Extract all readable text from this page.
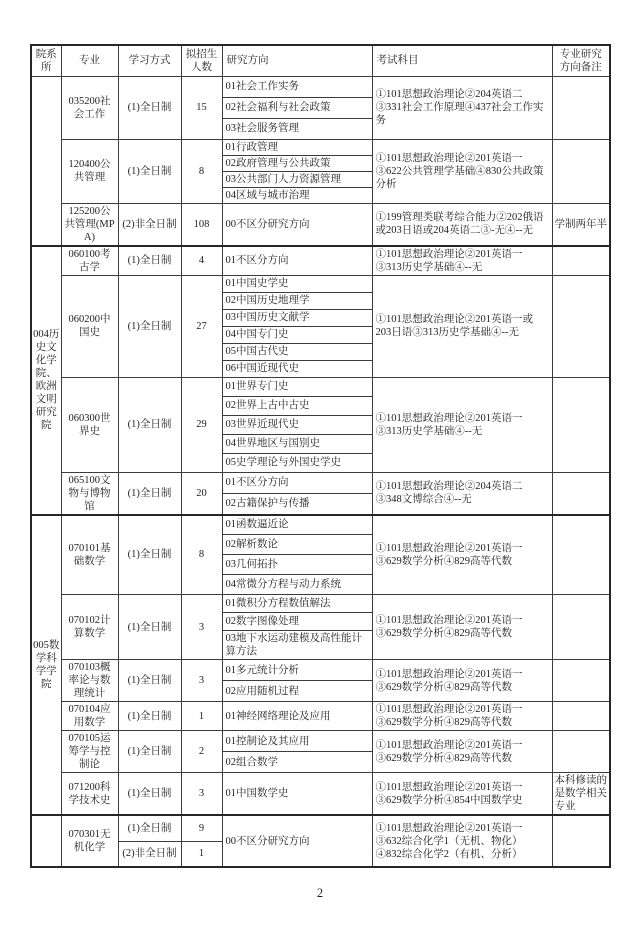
院系所	专业	学习方式	拟招生人数	研究方向	考试科目	专业研究方向备注
	035200社会工作	(1)全日制	15	01社会工作实务	①101思想政治理论②204英语二③331社会工作原理④437社会工作实务	
				02社会福利与社会政策		
				03社会服务管理		
	120400公共管理	(1)全日制	8	01行政管理	①101思想政治理论②201英语一③622公共管理学基础④830公共政策分析	
				02政府管理与公共政策		
				03公共部门人力资源管理		
				04区域与城市治理		
	125200公共管理(MPA)	(2)非全日制	108	00不区分研究方向	①199管理类联考综合能力②202俄语或203日语或204英语二③-无④--无	学制两年半
004历史文化学院、欧洲文明研究院	060100考古学	(1)全日制	4	01不区分方向	①101思想政治理论②201英语一③313历史学基础④--无	
	060200中国史	(1)全日制	27	01中国史学史	①101思想政治理论②201英语一或203日语③313历史学基础④--无	
				02中国历史地理学		
				03中国历史文献学		
				04中国专门史		
				05中国古代史		
				06中国近现代史		
	060300世界史	(1)全日制	29	01世界专门史	①101思想政治理论②201英语一③313历史学基础④--无	
				02世界上古中古史		
				03世界近现代史		
				04世界地区与国别史		
				05史学理论与外国史学史		
	065100文物与博物馆	(1)全日制	20	01不区分方向	①101思想政治理论②204英语二③348文博综合④--无	
				02古籍保护与传播		
005数学科学学院	070101基础数学	(1)全日制	8	01函数逼近论	①101思想政治理论②201英语一③629数学分析④829高等代数	
				02解析数论		
				03几何拓扑		
				04常微分方程与动力系统		
	070102计算数学	(1)全日制	3	01微积分方程数值解法	①101思想政治理论②201英语一③629数学分析④829高等代数	
				02数字图像处理		
				03地下水运动建模及高性能计算方法		
	070103概率论与数理统计	(1)全日制	3	01多元统计分析	①101思想政治理论②201英语一③629数学分析④829高等代数	
				02应用随机过程		
	070104应用数学	(1)全日制	1	01神经网络理论及应用	①101思想政治理论②201英语一③629数学分析④829高等代数	
	070105运筹学与控制论	(1)全日制	2	01控制论及其应用	①101思想政治理论②201英语一③629数学分析④829高等代数	
				02组合数学		
	071200科学技术史	(1)全日制	3	01中国数学史	①101思想政治理论②201英语一③629数学分析④854中国数学史	本科修读的是数学相关专业
	070301无机化学	(1)全日制	9	00不区分研究方向	①101思想政治理论②201英语一③632综合化学1（无机、物化）④832综合化学2（有机、分析）	
		(2)非全日制	1			
2
